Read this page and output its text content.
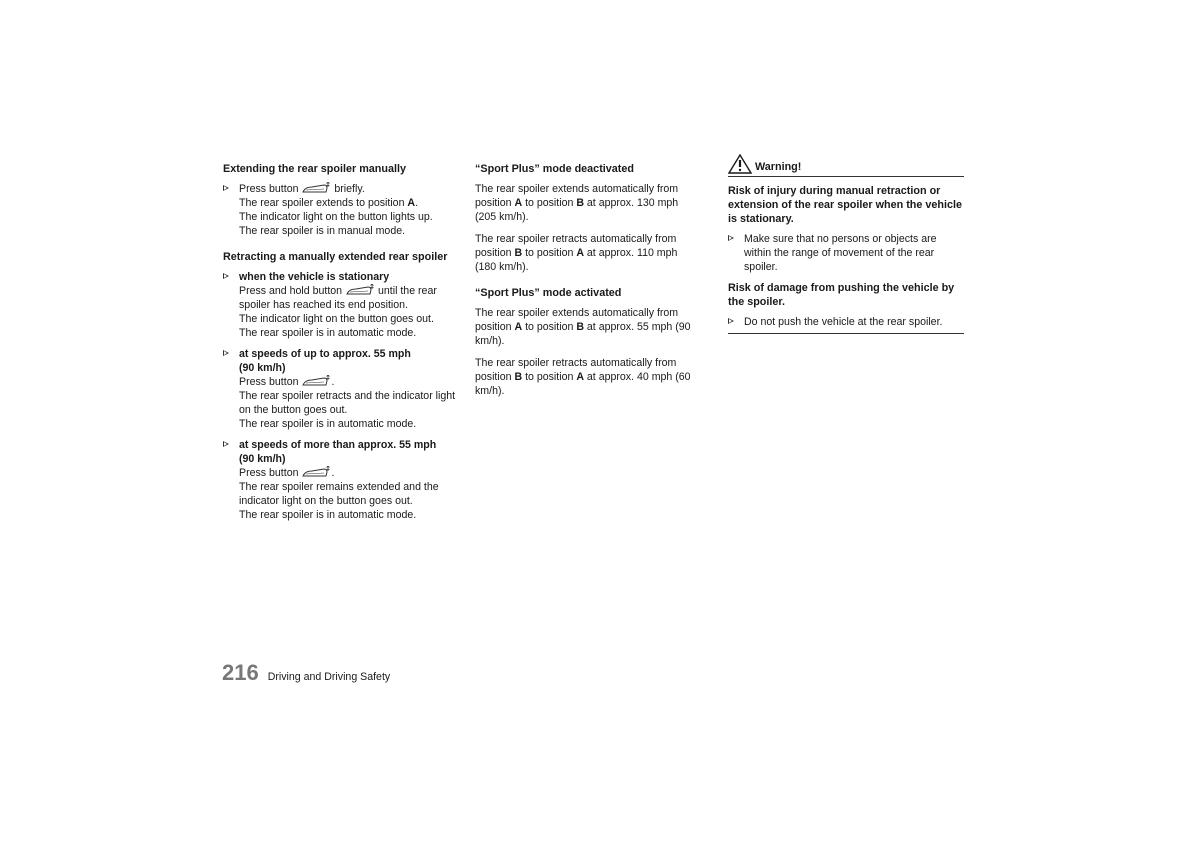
Extending the rear spoiler manually
Press button	briefly.
The rear spoiler extends to position A.
The indicator light on the button lights up.
The rear spoiler is in manual mode.
Retracting a manually extended rear spoiler
when the vehicle is stationary
Press and hold button	until the rear spoiler has reached its end position.
The indicator light on the button goes out.
The rear spoiler is in automatic mode.
at speeds of up to approx. 55 mph
(90 km/h)
Press button	.
The rear spoiler retracts and the indicator light on the button goes out.
The rear spoiler is in automatic mode.
at speeds of more than approx. 55 mph
(90 km/h)
Press button	.
The rear spoiler remains extended and the indicator light on the button goes out.
The rear spoiler is in automatic mode.
“Sport Plus” mode deactivated

The rear spoiler extends automatically from position A to position B at approx. 130 mph (205 km/h).

The rear spoiler retracts automatically from position B to position A at approx. 110 mph (180 km/h).

“Sport Plus” mode activated

The rear spoiler extends automatically from position A to position B at approx. 55 mph (90 km/h).

The rear spoiler retracts automatically from position B to position A at approx. 40 mph (60 km/h).

Warning!
Risk of injury during manual retraction or extension of the rear spoiler when the vehicle is stationary.
Make sure that no persons or objects are within the range of movement of the rear spoiler.
Risk of damage from pushing the vehicle by the spoiler.
Do not push the vehicle at the rear spoiler.
216 Driving and Driving Safety
